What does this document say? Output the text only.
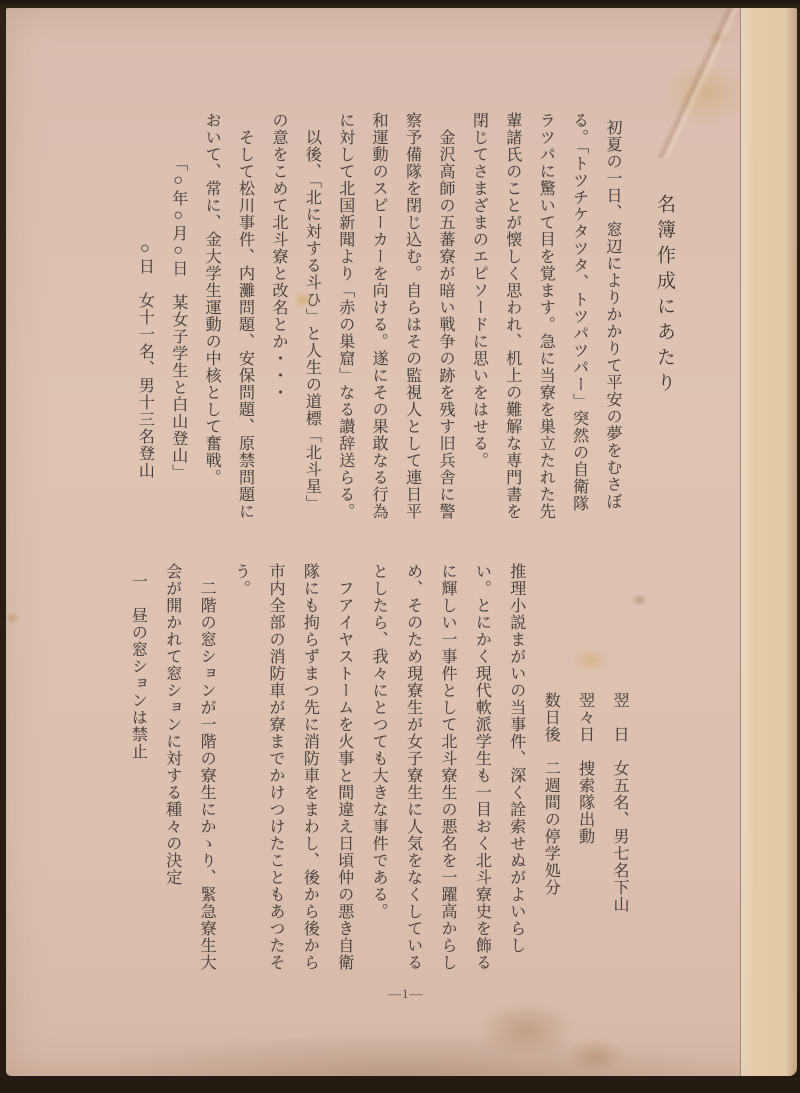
名簿作成にあたり

初夏の一日、窓辺によりかかりて平安の夢をむさぼ

る。「トツチケタツタ、トツパツパー」突然の自衛隊

ラツパに驚いて目を覚ます。急に当寮を巣立たれた先

輩諸氏のことが懐しく思われ、机上の難解な専門書を

閉じてさまざまのエピソードに思いをはせる。

金沢高師の五蕃寮が暗い戦争の跡を残す旧兵舎に警

察予備隊を閉じ込む。自らはその監視人として連日平

和運動のスピーカーを向ける。遂にその果敢なる行為

に対して北国新聞より「赤の巣窟」なる讃辞送らる。

以後、「北に対する斗ひ」と人生の道標「北斗星」

の意をこめて北斗寮と改名とか・・・

そして松川事件、内灘問題、安保問題、原禁問題に

おいて、常に、金大学生運動の中核として奮戦。

「○年○月○日　某女子学生と白山登山」

○日　女十一名、男十三名登山

翌　日　女五名、男七名下山

翌々日　捜索隊出動

数日後　二週間の停学処分

推理小説まがいの当事件、深く詮索せぬがよいらし

い。とにかく現代軟派学生も一目おく北斗寮史を飾る

に輝しい一事件として北斗寮生の悪名を一躍高からし

め、そのため現寮生が女子寮生に人気をなくしている

としたら、我々にとつても大きな事件である。

フアイヤストームを火事と間違え日頃仲の悪き自衛

隊にも拘らずまつ先に消防車をまわし、後から後から

市内全部の消防車が寮までかけつけたこともあつたそ

う。

二階の窓ションが一階の寮生にかゝり、緊急寮生大

会が開かれて窓ションに対する種々の決定

一　昼の窓ションは禁止

―1―
